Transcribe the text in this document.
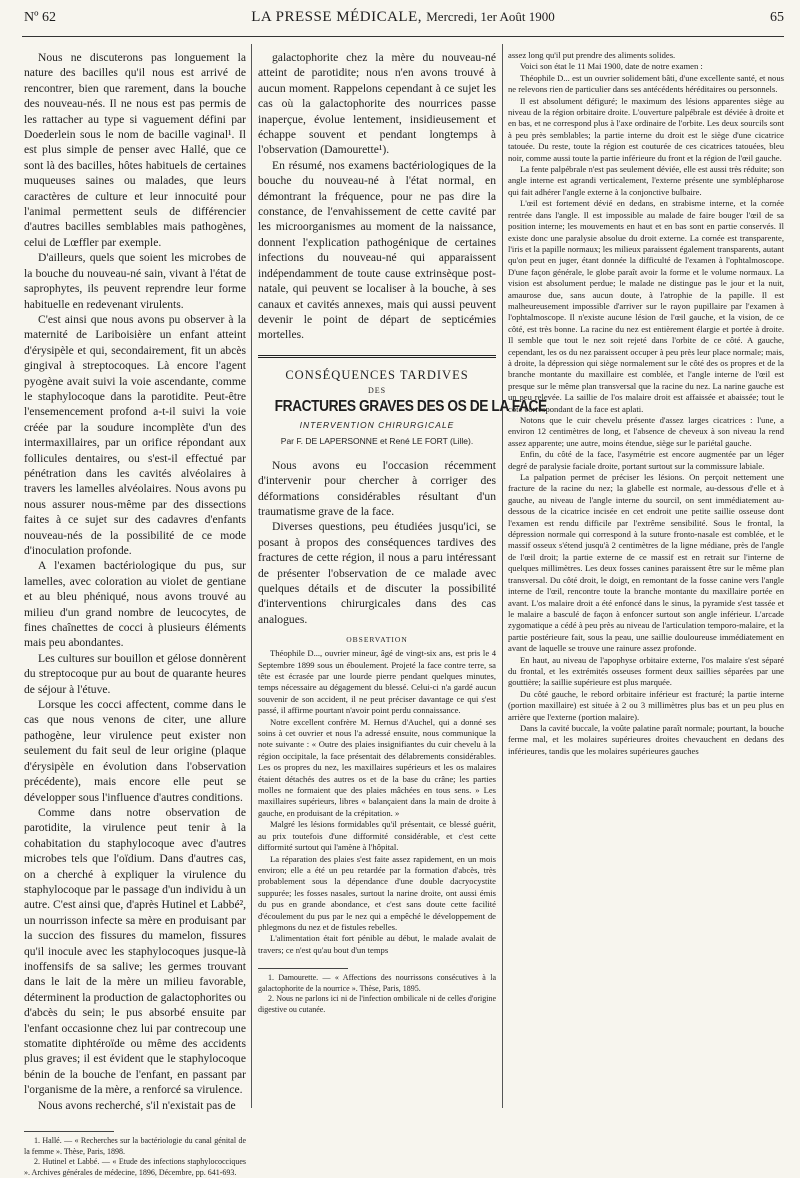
Nº 62	LA PRESSE MÉDICALE, Mercredi, 1er Août 1900	65

Nous ne discuterons pas longuement la nature des bacilles qu'il nous est arrivé de rencontrer, bien que rarement, dans la bouche des nouveau-nés. Il ne nous est pas permis de les rattacher au type si vaguement défini par Doederlein sous le nom de bacille vaginal¹. Il est plus simple de penser avec Hallé, que ce sont là des bacilles, hôtes habituels de certaines muqueuses saines ou malades, que leurs caractères de culture et leur innocuité pour l'animal permettent seuls de différencier d'autres bacilles semblables mais pathogènes, celui de Lœffler par exemple.

D'ailleurs, quels que soient les microbes de la bouche du nouveau-né sain, vivant à l'état de saprophytes, ils peuvent reprendre leur forme habituelle en redevenant virulents.

C'est ainsi que nous avons pu observer à la maternité de Lariboisière un enfant atteint d'érysipèle et qui, secondairement, fit un abcès gingival à streptocoques. Là encore l'agent pyogène avait suivi la voie ascendante, comme le staphylocoque dans la parotidite. Peut-être l'ensemencement profond a-t-il suivi la voie créée par la soudure incomplète d'un des intermaxillaires, par un orifice répondant aux follicules dentaires, ou s'est-il effectué par pénétration dans les cavités alvéolaires à travers les lamelles alvéolaires. Nous avons pu nous assurer nous-même par des dissections faites à ce sujet sur des cadavres d'enfants nouveau-nés de la possibilité de ce mode d'inoculation profonde.

A l'examen bactériologique du pus, sur lamelles, avec coloration au violet de gentiane et au bleu phéniqué, nous avons trouvé au milieu d'un grand nombre de leucocytes, de fines chaînettes de cocci à plusieurs éléments mais peu abondantes.

Les cultures sur bouillon et gélose donnèrent du streptocoque pur au bout de quarante heures de séjour à l'étuve.

Lorsque les cocci affectent, comme dans le cas que nous venons de citer, une allure pathogène, leur virulence peut exister non seulement du fait seul de leur origine (plaque d'érysipèle en évolution dans l'observation précédente), mais encore elle peut se développer sous l'influence d'autres conditions.

Comme dans notre observation de parotidite, la virulence peut tenir à la cohabitation du staphylocoque avec d'autres microbes tels que l'oïdium. Dans d'autres cas, on a cherché à expliquer la virulence du staphylocoque par le passage d'un individu à un autre. C'est ainsi que, d'après Hutinel et Labbé², un nourrisson infecte sa mère en produisant par la succion des fissures du mamelon, fissures qu'il inocule avec les staphylocoques jusque-là inoffensifs de sa salive; les germes trouvant dans le lait de la mère un milieu favorable, déterminent la production de galactophorites ou d'abcès du sein; le pus absorbé ensuite par l'enfant occasionne chez lui par contrecoup une stomatite diphtéroïde ou même des accidents plus graves; il est évident que le staphylocoque bénin de la bouche de l'enfant, en passant par l'organisme de la mère, a renforcé sa virulence.

Nous avons recherché, s'il n'existait pas de

1. Hallé. — « Recherches sur la bactériologie du canal génital de la femme ». Thèse, Paris, 1898.

2. Hutinel et Labbé. — « Etude des infections staphylococciques ». Archives générales de médecine, 1896, Décembre, pp. 641-693.

galactophorite chez la mère du nouveau-né atteint de parotidite; nous n'en avons trouvé à aucun moment. Rappelons cependant à ce sujet les cas où la galactophorite des nourrices passe inaperçue, évolue lentement, insidieusement et échappe souvent et pendant longtemps à l'observation (Damourette¹).

En résumé, nos examens bactériologiques de la bouche du nouveau-né à l'état normal, en démontrant la fréquence, pour ne pas dire la constance, de l'envahissement de cette cavité par les microorganismes au moment de la naissance, donnent l'explication pathogénique de certaines infections du nouveau-né qui apparaissent indépendamment de toute cause extrinsèque post-natale, qui peuvent se localiser à la bouche, à ses canaux et cavités annexes, mais qui aussi peuvent devenir le point de départ de septicémies mortelles.

CONSÉQUENCES TARDIVES
DES
FRACTURES GRAVES DES OS DE LA FACE
INTERVENTION CHIRURGICALE
Par F. DE LAPERSONNE et René LE FORT (Lille).

Nous avons eu l'occasion récemment d'intervenir pour chercher à corriger des déformations considérables résultant d'un traumatisme grave de la face.

Diverses questions, peu étudiées jusqu'ici, se posant à propos des conséquences tardives des fractures de cette région, il nous a paru intéressant de présenter l'observation de ce malade avec quelques détails et de discuter la possibilité d'interventions chirurgicales dans des cas analogues.

OBSERVATION

Théophile D..., ouvrier mineur, âgé de vingt-six ans, est pris le 4 Septembre 1899 sous un éboulement. Projeté la face contre terre, sa tête est écrasée par une lourde pierre pendant quelques minutes, temps nécessaire au dégagement du blessé. Celui-ci n'a gardé aucun souvenir de son accident, il ne peut préciser davantage ce qui s'est passé, il affirme pourtant n'avoir point perdu connaissance.

Notre excellent confrère M. Hernus d'Auchel, qui a donné ses soins à cet ouvrier et nous l'a adressé ensuite, nous communique la note suivante : « Outre des plaies insignifiantes du cuir chevelu à la région occipitale, la face présentait des délabrements considérables. Les os propres du nez, les maxillaires supérieurs et les os malaires étaient détachés des autres os et de la base du crâne; les parties molles ne formaient que des plaies mâchées en tous sens. » Les maxillaires supérieurs, libres « balançaient dans la main de droite à gauche, en produisant de la crépitation. »

Malgré les lésions formidables qu'il présentait, ce blessé guérit, au prix toutefois d'une difformité considérable, et c'est cette difformité surtout qui l'amène à l'hôpital.

La réparation des plaies s'est faite assez rapidement, en un mois environ; elle a été un peu retardée par la formation d'abcès, très probablement sous la dépendance d'une double dacryocystite suppurée; les fosses nasales, surtout la narine droite, ont aussi émis du pus en grande abondance, et c'est sans doute cette facilité d'écoulement du pus par le nez qui a empêché le développement de phlegmons du nez et de fistules rebelles.

L'alimentation était fort pénible au début, le malade avalait de travers; ce n'est qu'au bout d'un temps

1. Damourette. — « Affections des nourrissons consécutives à la galactophorite de la nourrice ». Thèse, Paris, 1895.

2. Nous ne parlons ici ni de l'infection ombilicale ni de celles d'origine digestive ou cutanée.

assez long qu'il put prendre des aliments solides.

Voici son état le 11 Mai 1900, date de notre examen :

Théophile D... est un ouvrier solidement bâti, d'une excellente santé, et nous ne relevons rien de particulier dans ses antécédents héréditaires ou personnels.

Il est absolument défiguré; le maximum des lésions apparentes siège au niveau de la région orbitaire droite. L'ouverture palpébrale est déviée à droite et en bas, et ne correspond plus à l'axe ordinaire de l'orbite. Les deux sourcils sont à peu près semblables; la partie interne du droit est le siège d'une cicatrice tatouée. Du reste, toute la région est couturée de ces cicatrices tatouées, bleu noir, comme aussi toute la partie inférieure du front et la région de l'œil gauche.

La fente palpébrale n'est pas seulement déviée, elle est aussi très réduite; son angle interne est agrandi verticalement, l'externe présente une symblépharose qui fait adhérer l'angle externe à la conjonctive bulbaire.

L'œil est fortement dévié en dedans, en strabisme interne, et la cornée rentrée dans l'angle. Il est impossible au malade de faire bouger l'œil de sa position interne; les mouvements en haut et en bas sont en partie conservés. Il existe donc une paralysie absolue du droit externe. La cornée est transparente, l'iris et la papille normaux; les milieux paraissent également transparents, autant qu'on peut en juger, étant donnée la difficulté de l'examen à l'ophtalmoscope. D'une façon générale, le globe paraît avoir la forme et le volume normaux. La vision est absolument perdue; le malade ne distingue pas le jour et la nuit, amaurose due, sans aucun doute, à l'atrophie de la papille. Il est malheureusement impossible d'arriver sur le rayon pupillaire par l'examen à l'ophtalmoscope. Il n'existe aucune lésion de l'œil gauche, et la vision, de ce côté, est très bonne. La racine du nez est entièrement élargie et portée à droite. Il semble que tout le nez soit rejeté dans l'orbite de ce côté. A gauche, cependant, les os du nez paraissent occuper à peu près leur place normale; mais, à droite, la dépression qui siège normalement sur le côté des os propres et de la branche montante du maxillaire est comblée, et l'angle interne de l'œil est presque sur le même plan transversal que la racine du nez. La narine gauche est un peu relevée. La saillie de l'os malaire droit est affaissée et abaissée; tout le côté correspondant de la face est aplati.

Notons que le cuir chevelu présente d'assez larges cicatrices : l'une, a environ 12 centimètres de long, et l'absence de cheveux à son niveau la rend assez apparente; une autre, moins étendue, siège sur le pariétal gauche.

Enfin, du côté de la face, l'asymétrie est encore augmentée par un léger degré de paralysie faciale droite, portant surtout sur la commissure labiale.

La palpation permet de préciser les lésions. On perçoit nettement une fracture de la racine du nez; la glabelle est normale, au-dessous d'elle et à gauche, au niveau de l'angle interne du sourcil, on sent immédiatement au-dessous de la cicatrice incisée en cet endroit une petite saillie osseuse dont l'examen est rendu difficile par l'extrême sensibilité. Sous le frontal, la dépression normale qui correspond à la suture fronto-nasale est comblée, et le massif osseux s'étend jusqu'à 2 centimètres de la ligne médiane, près de l'angle de l'œil droit; la partie externe de ce massif est en retrait sur l'interne de quelques millimètres. Les deux fosses canines paraissent être sur le même plan transversal. Du côté droit, le doigt, en remontant de la fosse canine vers l'angle interne de l'œil, rencontre toute la branche montante du maxillaire portée en avant. L'os malaire droit a été enfoncé dans le sinus, la pyramide s'est tassée et le malaire a basculé de façon à enfoncer surtout son angle inférieur. L'arcade zygomatique a cédé à peu près au niveau de l'articulation temporo-malaire, et la partie postérieure fait, sous la peau, une saillie douloureuse immédiatement en avant de laquelle se trouve une rainure assez profonde.

En haut, au niveau de l'apophyse orbitaire externe, l'os malaire s'est séparé du frontal, et les extrémités osseuses forment deux saillies séparées par une gouttière; la saillie supérieure est plus marquée.

Du côté gauche, le rebord orbitaire inférieur est fracturé; la partie interne (portion maxillaire) est située à 2 ou 3 millimètres plus bas et un peu plus en arrière que l'externe (portion malaire).

Dans la cavité buccale, la voûte palatine paraît normale; pourtant, la bouche ferme mal, et les molaires supérieures droites chevauchent en dedans des inférieures, tandis que les molaires supérieures gauches
